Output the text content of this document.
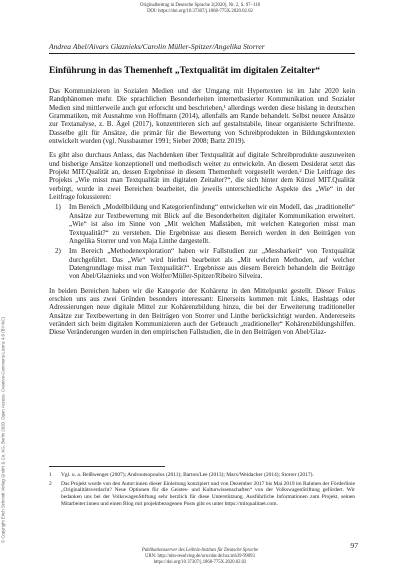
Originalbeitrag in Deutsche Sprache 2(2020), Nr. 2, S. 97–118
DOI: https://doi.org/10.37307/j.1868-775X.2020.02.02
Andrea Abel/Aivars Glaznieks/Carolin Müller-Spitzer/Angelika Storrer
Einführung in das Themenheft „Textqualität im digitalen Zeitalter“

Das Kommunizieren in Sozialen Medien und der Umgang mit Hypertexten ist im Jahr 2020 kein Randphänomen mehr. Die sprachlichen Besonderheiten internetbasierter Kommunikation und Sozialer Medien sind mittlerweile auch gut erforscht und beschrieben,¹ allerdings werden diese bislang in deutschen Grammatiken, mit Ausnahme von Hoffmann (2014), allenfalls am Rande behandelt. Selbst neuere Ansätze zur Textanalyse, z. B. Ägel (2017), konzentrieren sich auf gestaltstabile, linear organisierte Schrifttexte. Dasselbe gilt für Ansätze, die primär für die Bewertung von Schreibprodukten in Bildungskontexten entwickelt wurden (vgl. Nussbaumer 1991; Sieber 2008; Bartz 2019).

Es gibt also durchaus Anlass, das Nachdenken über Textqualität auf digitale Schreibprodukte auszuweiten und bisherige Ansätze konzeptionell und methodisch weiter zu entwickeln. An diesem Desiderat setzt das Projekt MIT.Qualität an, dessen Ergebnisse in diesem Themenheft vorgestellt werden.² Die Leitfrage des Projekts „Wie misst man Textqualität im digitalen Zeitalter?“, die sich hinter dem Kürzel MIT.Qualität verbirgt, wurde in zwei Bereichen bearbeitet, die jeweils unterschiedliche Aspekte des „Wie“ in der Leitfrage fokussieren:

1)	Im Bereich „Modellbildung und Kategorienfindung“ entwickelten wir ein Modell, das „traditionelle“ Ansätze zur Textbewertung mit Blick auf die Besonderheiten digitaler Kommunikation erweitert. „Wie“ ist also im Sinne von „Mit welchen Maßstäben, mit welchen Kategorien misst man Textqualität?“ zu verstehen. Die Ergebnisse aus diesem Bereich werden in den Beiträgen von Angelika Storrer und von Maja Linthe dargestellt.
2)	Im Bereich „Methodenexploration“ haben wir Fallstudien zur „Messbarkeit“ von Textqualität durchgeführt. Das „Wie“ wird hierbei bearbeitet als „Mit welchen Methoden, auf welcher Datengrundlage misst man Textqualität?“. Ergebnisse aus diesem Bereich behandeln die Beiträge von Abel/Glaznieks und von Wolfer/Müller-Spitzer/Ribeiro Silveira.

In beiden Bereichen haben wir die Kategorie der Kohärenz in den Mittelpunkt gestellt. Dieser Fokus erschien uns aus zwei Gründen besonders interessant: Einerseits kommen mit Links, Hashtags oder Adressierungen neue digitale Mittel zur Kohärenzbildung hinzu, die bei der Erweiterung traditioneller Ansätze zur Textbewertung in den Beiträgen von Storrer und Linthe berücksichtigt wurden. Andererseits verändert sich beim digitalen Kommunizieren auch der Gebrauch „traditioneller“ Kohärenzbildungshilfen. Diese Veränderungen wurden in den empirischen Fallstudien, die in den Beiträgen von Abel/Glaz-

1	Vgl. u. a. Beißwenger (2007); Androutsopoulos (2011); Barton/Lee (2013); Marx/Weidacher (2014); Storrer (2017).
2	Das Projekt wurde von den Autor:innen dieser Einleitung konzipiert und von Dezember 2017 bis Mai 2019 im Rahmen der Förderlinie „Originalitätsverdacht? Neue Optionen für die Geistes- und Kulturwissenschaften“ von der VolkswagenStiftung gefördert. Wir bedanken uns bei der VolkswagenStiftung sehr herzlich für diese Unterstützung. Ausführliche Informationen zum Projekt, seinen Mitarbeiter:innen und einen Blog mit projektbezogenen Posts gibt es unter https://mitqualitaet.com.
97
Publikationsserver des Leibniz-Instituts für Deutsche Sprache
URN: http://nbn-resolving.de/urn:nbn:de:bsz:mh39-99093
https://doi.org/10.37307/j.1868-775X.2020.02.02
© Copyright Erich Schmidt Verlag GmbH & Co. KG, Berlin 2020. Open Access. Creative-Commons-Lizenz 4.0 (BY-NC)
